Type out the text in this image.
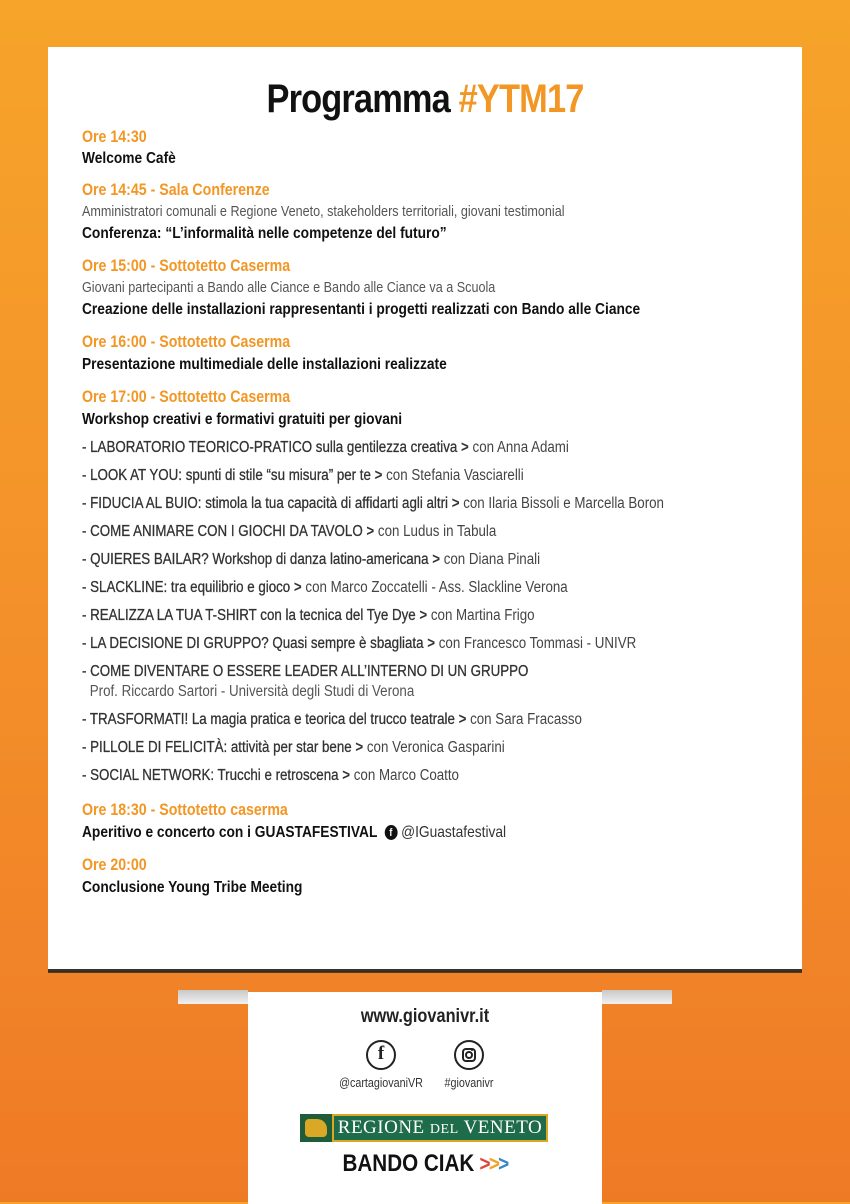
Programma #YTM17
Ore 14:30
Welcome Cafè
Ore 14:45 - Sala Conferenze
Amministratori comunali e Regione Veneto, stakeholders territoriali, giovani testimonial
Conferenza: “L’informalità nelle competenze del futuro”
Ore 15:00 - Sottotetto Caserma
Giovani partecipanti a Bando alle Ciance e Bando alle Ciance va a Scuola
Creazione delle installazioni rappresentanti i progetti realizzati con Bando alle Ciance
Ore 16:00 - Sottotetto Caserma
Presentazione multimediale delle installazioni realizzate
Ore 17:00 - Sottotetto Caserma
Workshop creativi e formativi gratuiti per giovani
- LABORATORIO TEORICO-PRATICO sulla gentilezza creativa > con Anna Adami
- LOOK AT YOU: spunti di stile “su misura” per te > con Stefania Vasciarelli
- FIDUCIA AL BUIO: stimola la tua capacità di affidarti agli altri > con Ilaria Bissoli e Marcella Boron
- COME ANIMARE CON I GIOCHI DA TAVOLO > con Ludus in Tabula
- QUIERES BAILAR? Workshop di danza latino-americana > con Diana Pinali
- SLACKLINE: tra equilibrio e gioco > con Marco Zoccatelli - Ass. Slackline Verona
- REALIZZA LA TUA T-SHIRT con la tecnica del Tye Dye > con Martina Frigo
- LA DECISIONE DI GRUPPO? Quasi sempre è sbagliata > con Francesco Tommasi - UNIVR
- COME DIVENTARE O ESSERE LEADER ALL’INTERNO DI UN GRUPPO
Prof. Riccardo Sartori - Università degli Studi di Verona
- TRASFORMATI! La magia pratica e teorica del trucco teatrale > con Sara Fracasso
- PILLOLE DI FELICITÀ: attività per star bene > con Veronica Gasparini
- SOCIAL NETWORK: Trucchi e retroscena > con Marco Coatto
Ore 18:30 - Sottotetto caserma
Aperitivo e concerto con i GUASTAFESTIVAL f @IGuastafestival
Ore 20:00
Conclusione Young Tribe Meeting
www.giovanivr.it
f
@cartagiovaniVR	#giovanivr
REGIONE DEL VENETO
BANDO CIAK >>>
